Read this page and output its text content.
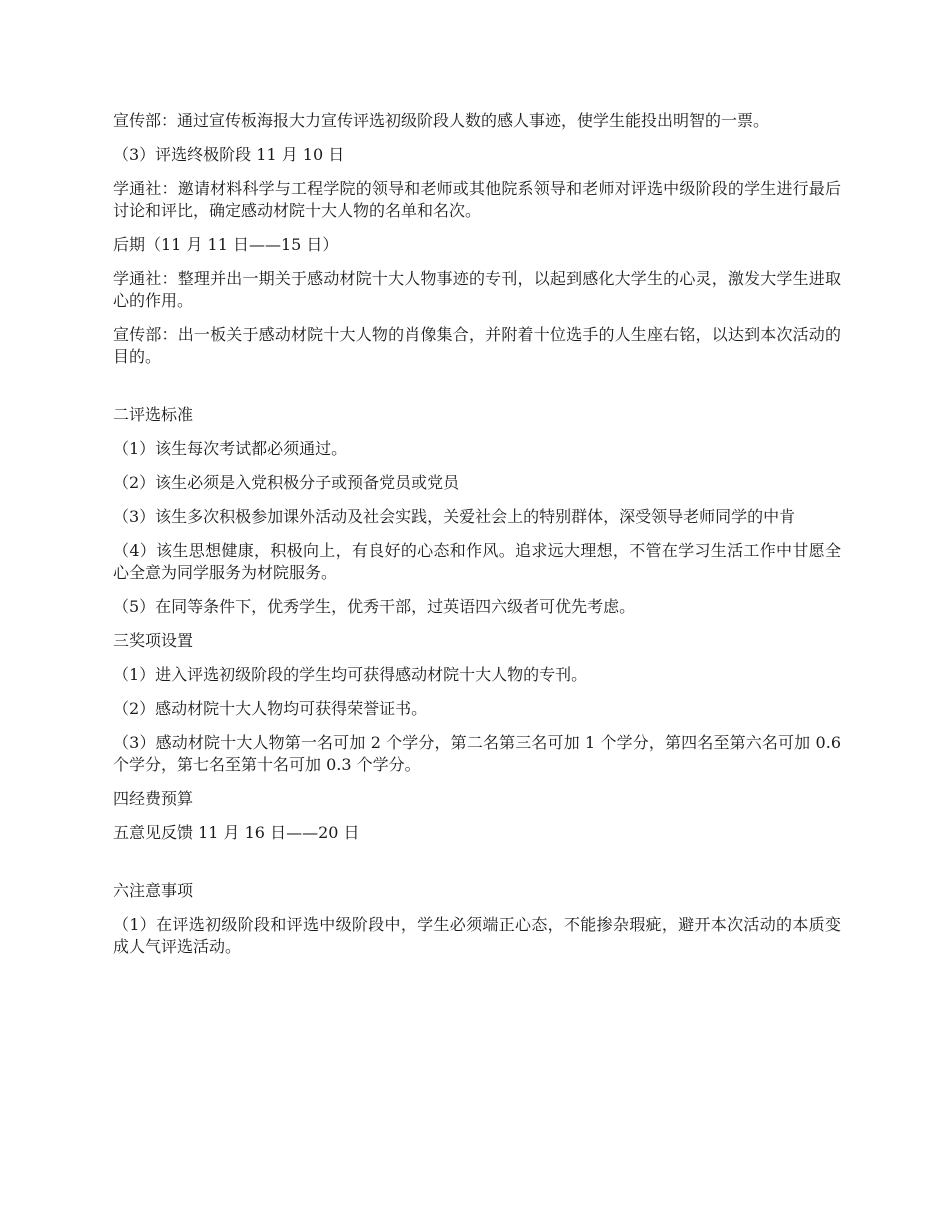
宣传部：通过宣传板海报大力宣传评选初级阶段人数的感人事迹，使学生能投出明智的一票。

（3）评选终极阶段 11 月 10 日

学通社：邀请材料科学与工程学院的领导和老师或其他院系领导和老师对评选中级阶段的学生进行最后讨论和评比，确定感动材院十大人物的名单和名次。

后期（11 月 11 日——15 日）

学通社：整理并出一期关于感动材院十大人物事迹的专刊，以起到感化大学生的心灵，激发大学生进取心的作用。

宣传部：出一板关于感动材院十大人物的肖像集合，并附着十位选手的人生座右铭，以达到本次活动的目的。

二评选标准

（1）该生每次考试都必须通过。

（2）该生必须是入党积极分子或预备党员或党员

（3）该生多次积极参加课外活动及社会实践，关爱社会上的特别群体，深受领导老师同学的中肯

（4）该生思想健康，积极向上，有良好的心态和作风。追求远大理想，不管在学习生活工作中甘愿全心全意为同学服务为材院服务。

（5）在同等条件下，优秀学生，优秀干部，过英语四六级者可优先考虑。

三奖项设置

（1）进入评选初级阶段的学生均可获得感动材院十大人物的专刊。

（2）感动材院十大人物均可获得荣誉证书。

（3）感动材院十大人物第一名可加 2 个学分，第二名第三名可加 1 个学分，第四名至第六名可加 0.6 个学分，第七名至第十名可加 0.3 个学分。

四经费预算

五意见反馈 11 月 16 日——20 日

六注意事项

（1）在评选初级阶段和评选中级阶段中，学生必须端正心态，不能掺杂瑕疵，避开本次活动的本质变成人气评选活动。
